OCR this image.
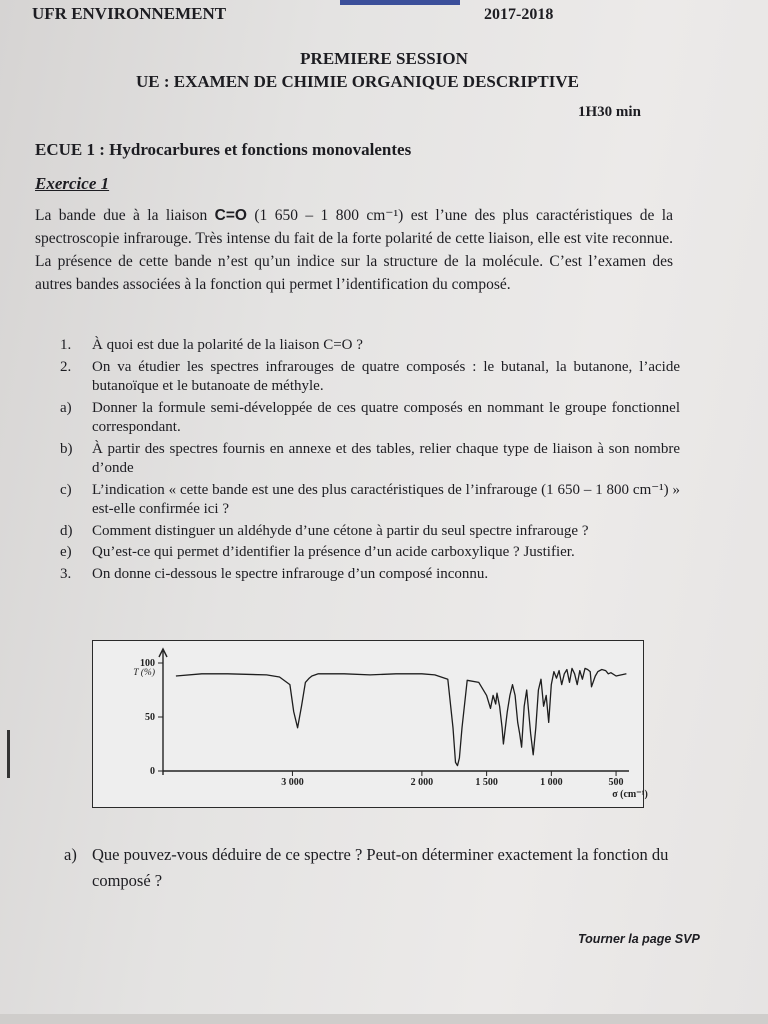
UFR ENVIRONNEMENT	2017-2018
PREMIERE SESSION
UE : EXAMEN DE CHIMIE ORGANIQUE DESCRIPTIVE
1H30 min
ECUE 1 : Hydrocarbures et fonctions monovalentes
Exercice 1
La bande due à la liaison C=O (1 650 – 1 800 cm⁻¹) est l’une des plus caractéristiques de la spectroscopie infrarouge. Très intense du fait de la forte polarité de cette liaison, elle est vite reconnue. La présence de cette bande n’est qu’un indice sur la structure de la molécule. C’est l’examen des autres bandes associées à la fonction qui permet l’identification du composé.
1.	À quoi est due la polarité de la liaison C=O ?
2.	On va étudier les spectres infrarouges de quatre composés : le butanal, la butanone, l’acide butanoïque et le butanoate de méthyle.
a)	Donner la formule semi-développée de ces quatre composés en nommant le groupe fonctionnel correspondant.
b)	À partir des spectres fournis en annexe et des tables, relier chaque type de liaison à son nombre d’onde
c)	L’indication « cette bande est une des plus caractéristiques de l’infrarouge (1 650 – 1 800 cm⁻¹) » est-elle confirmée ici ?
d)	Comment distinguer un aldéhyde d’une cétone à partir du seul spectre infrarouge ?
e)	Qu’est-ce qui permet d’identifier la présence d’un acide carboxylique ? Justifier.
3.	On donne ci-dessous le spectre infrarouge d’un composé inconnu.
100
50
0
T (%)
3 000	2 000	1 500	1 000	500
σ (cm⁻¹)
a) Que pouvez-vous déduire de ce spectre ? Peut-on déterminer exactement la fonction du composé ?
Tourner la page SVP
